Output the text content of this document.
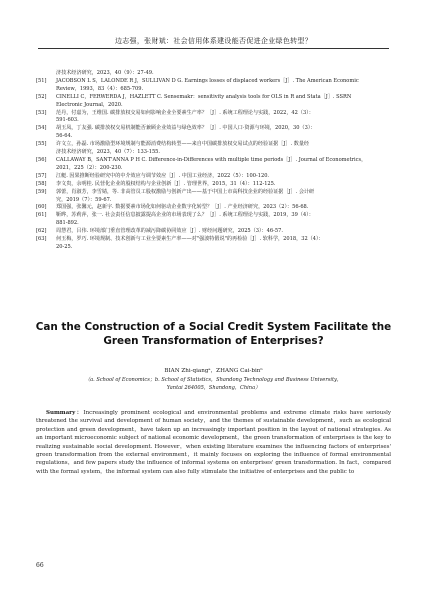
边志强，张财斌：社会信用体系建设能否促进企业绿色转型？
济技术经济研究，2023，40（9）：27-49.
[51] JACOBSON L S，LALONDE R J，SULLIVAN D G. Earnings losses of displaced workers［J］. The American Economic
Review，1993，83（4）：685-709.
[52] CINELLI C，FERWERDA J，HAZLETT C. Sensemakr：sensitivity analysis tools for OLS in R and Stata［J］. SSRN
Electronic Journal，2020.
[53] 范丹，付嘉为，王维国. 碳排放权交易如何影响企业全要素生产率？［J］. 系统工程理论与实践，2022，42（3）：
591-603.
[54] 胡玉凤，丁友强. 碳排放权交易机制能否兼顾企业效益与绿色效率？［J］. 中国人口·资源与环境，2020，30（3）：
56-64.
[55] 许文立，孙磊. 市场激励型环境规制与能源消费结构转型——来自中国碳排放权交易试点的经验证据［J］. 数量经
济技术经济研究，2023，40（7）：133-155.
[56] CALLAWAY B，SANT'ANNA P H C. Difference-in-Differences with multiple time periods［J］. Journal of Econometrics，
2021，225（2）：200-230.
[57] 江艇. 因果推断经验研究中的中介效应与调节效应［J］. 中国工业经济，2022（5）：100-120.
[58] 李文贵，余明桂. 民营化企业的股权结构与企业创新［J］. 管理世界，2015，31（4）：112-125.
[59] 郭蕾，肖淑芳，李雪婧，等. 非高管员工股权激励与创新产出——基于中国上市高科技企业的经验证据［J］. 会计研
究，2019（7）：59-67.
[60] 郑国强，张馨元，赵新宇. 数据要素市场化如何驱动企业数字化转型？［J］. 产业经济研究，2023（2）：56-68.
[61] 靳晔，苏莉萍，张一. 社会责任信息披露提高企业的市场表现了么？［J］. 系统工程理论与实践，2019，39（4）：
881-892.
[62] 周慧君，吕伟. 环境部门垂直管理改革的减污降碳协同效应［J］. 财经问题研究，2025（3）：46-57.
[63] 何玉梅，罗巧. 环境规制、技术创新与工业全要素生产率——对"强波特假说"的再检验［J］. 软科学，2018，32（4）：
20-25.
Can the Construction of a Social Credit System Facilitate the Green Transformation of Enterprises?
BIAN Zhi-qiangᵃ，ZHANG Cai-binᵇ
（a. School of Economics；b. School of Statistics，Shandong Technology and Business University，
Yantai 264005，Shandong，China）

Summary：Increasingly prominent ecological and environmental problems and extreme climate risks have seriously threatened the survival and development of human society，and the themes of sustainable development，such as ecological protection and green development，have taken up an increasingly important position in the layout of national strategies. As an important microeconomic subject of national economic development，the green transformation of enterprises is the key to realizing sustainable social development. However，when existing literature examines the influencing factors of enterprises' green transformation from the external environment，it mainly focuses on exploring the influence of formal environmental regulations，and few papers study the influence of informal systems on enterprises' green transformation. In fact，compared with the formal system，the informal system can also fully stimulate the initiative of enterprises and the public to

66
